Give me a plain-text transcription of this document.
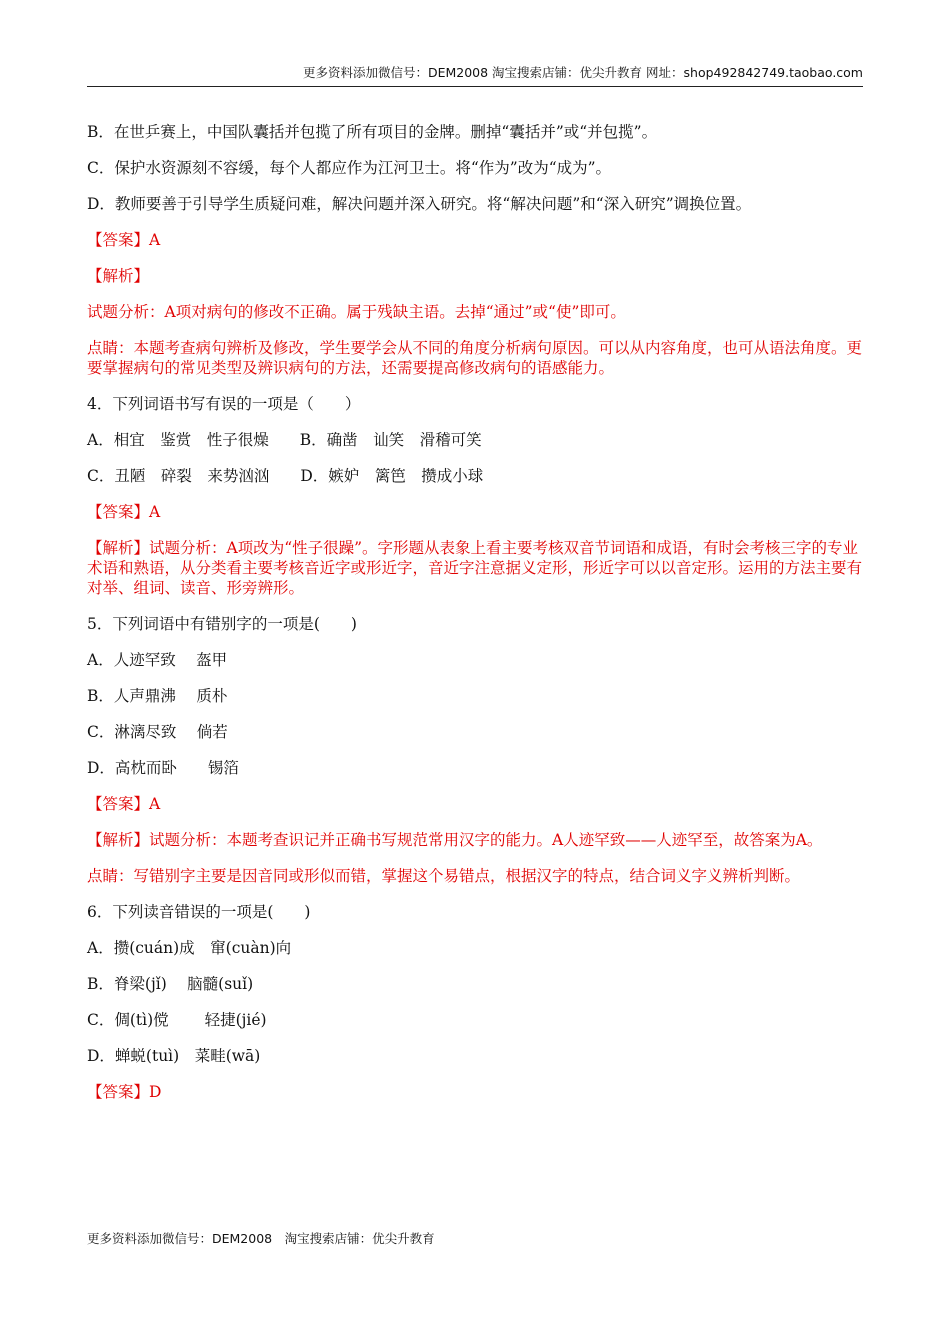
更多资料添加微信号：DEM2008 淘宝搜索店铺：优尖升教育 网址：shop492842749.taobao.com
B．在世乒赛上，中国队囊括并包揽了所有项目的金牌。删掉“囊括并”或“并包揽”。
C．保护水资源刻不容缓，每个人都应作为江河卫士。将“作为”改为“成为”。
D．教师要善于引导学生质疑问难，解决问题并深入研究。将“解决问题”和“深入研究”调换位置。
【答案】A
【解析】
试题分析：A项对病句的修改不正确。属于残缺主语。去掉“通过”或“使”即可。
点睛：本题考查病句辨析及修改，学生要学会从不同的角度分析病句原因。可以从内容角度，也可从语法角度。更要掌握病句的常见类型及辨识病句的方法，还需要提高修改病句的语感能力。
4．下列词语书写有误的一项是（　　）
A．相宜　鉴赏　性子很燥　　B．确凿　讪笑　滑稽可笑
C．丑陋　碎裂　来势汹汹　　D．嫉妒　篱笆　攒成小球
【答案】A
【解析】试题分析：A项改为“性子很躁”。字形题从表象上看主要考核双音节词语和成语，有时会考核三字的专业术语和熟语，从分类看主要考核音近字或形近字，音近字注意据义定形，形近字可以以音定形。运用的方法主要有对举、组词、读音、形旁辨形。
5．下列词语中有错别字的一项是(　　)
A．人迹罕致　 盔甲
B．人声鼎沸　 质朴
C．淋漓尽致　 倘若
D．高枕而卧　　锡箔
【答案】A
【解析】试题分析：本题考查识记并正确书写规范常用汉字的能力。A人迹罕致——人迹罕至，故答案为A。
点睛：写错别字主要是因音同或形似而错，掌握这个易错点，根据汉字的特点，结合词义字义辨析判断。
6．下列读音错误的一项是(　　)
A．攒(cuán)成　窜(cuàn)向
B．脊梁(jǐ)　 脑髓(suǐ)
C．倜(tì)傥　　 轻捷(jié)
D．蝉蜕(tuì)　菜畦(wā)
【答案】D
更多资料添加微信号：DEM2008　淘宝搜索店铺：优尖升教育
